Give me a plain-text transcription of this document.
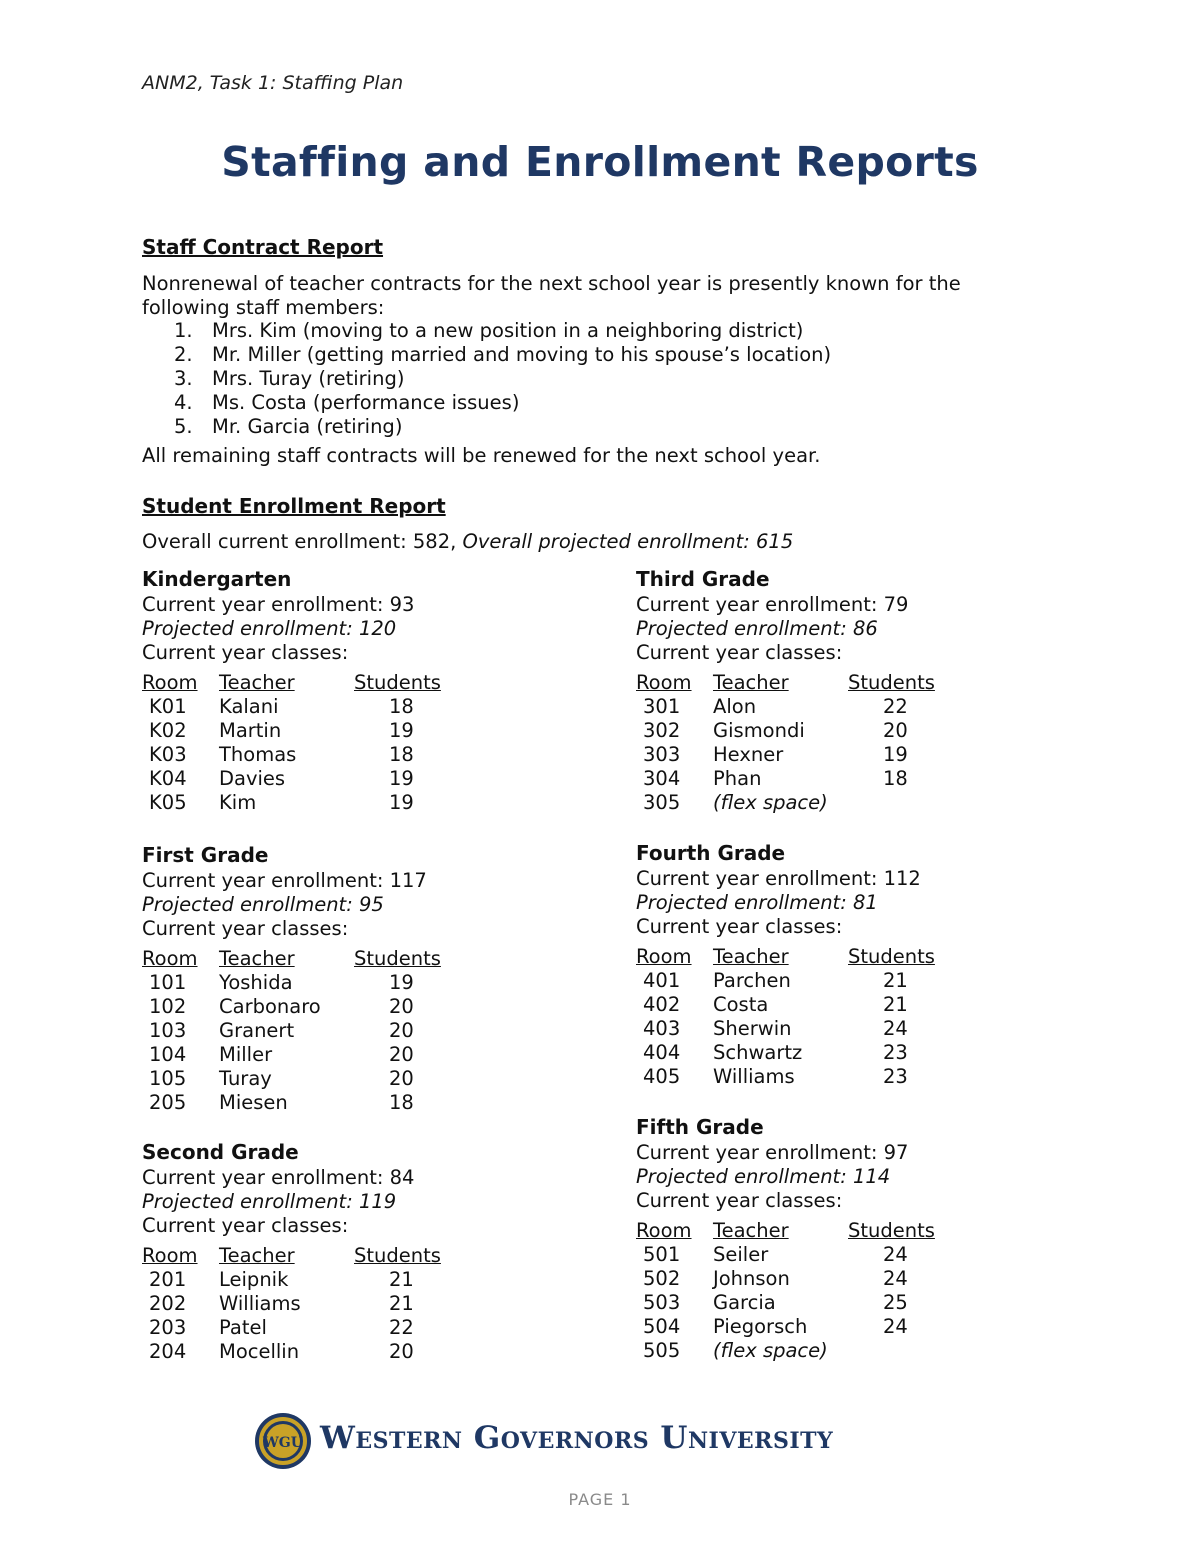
ANM2, Task 1: Staffing Plan
Staffing and Enrollment Reports
Staff Contract Report
Nonrenewal of teacher contracts for the next school year is presently known for the following staff members:
1. Mrs. Kim (moving to a new position in a neighboring district)
2. Mr. Miller (getting married and moving to his spouse’s location)
3. Mrs. Turay (retiring)
4. Ms. Costa (performance issues)
5. Mr. Garcia (retiring)
All remaining staff contracts will be renewed for the next school year.
Student Enrollment Report
Overall current enrollment: 582, Overall projected enrollment: 615
Kindergarten
Current year enrollment: 93
Projected enrollment: 120
Current year classes:
Room	Teacher	Students
K01	Kalani	18
K02	Martin	19
K03	Thomas	18
K04	Davies	19
K05	Kim	19
First Grade
Current year enrollment: 117
Projected enrollment: 95
Current year classes:
Room	Teacher	Students
101	Yoshida	19
102	Carbonaro	20
103	Granert	20
104	Miller	20
105	Turay	20
205	Miesen	18
Second Grade
Current year enrollment: 84
Projected enrollment: 119
Current year classes:
Room	Teacher	Students
201	Leipnik	21
202	Williams	21
203	Patel	22
204	Mocellin	20
Third Grade
Current year enrollment: 79
Projected enrollment: 86
Current year classes:
Room	Teacher	Students
301	Alon	22
302	Gismondi	20
303	Hexner	19
304	Phan	18
305	(flex space)	
Fourth Grade
Current year enrollment: 112
Projected enrollment: 81
Current year classes:
Room	Teacher	Students
401	Parchen	21
402	Costa	21
403	Sherwin	24
404	Schwartz	23
405	Williams	23
Fifth Grade
Current year enrollment: 97
Projected enrollment: 114
Current year classes:
Room	Teacher	Students
501	Seiler	24
502	Johnson	24
503	Garcia	25
504	Piegorsch	24
505	(flex space)	
WGU Western Governors University
PAGE 1
